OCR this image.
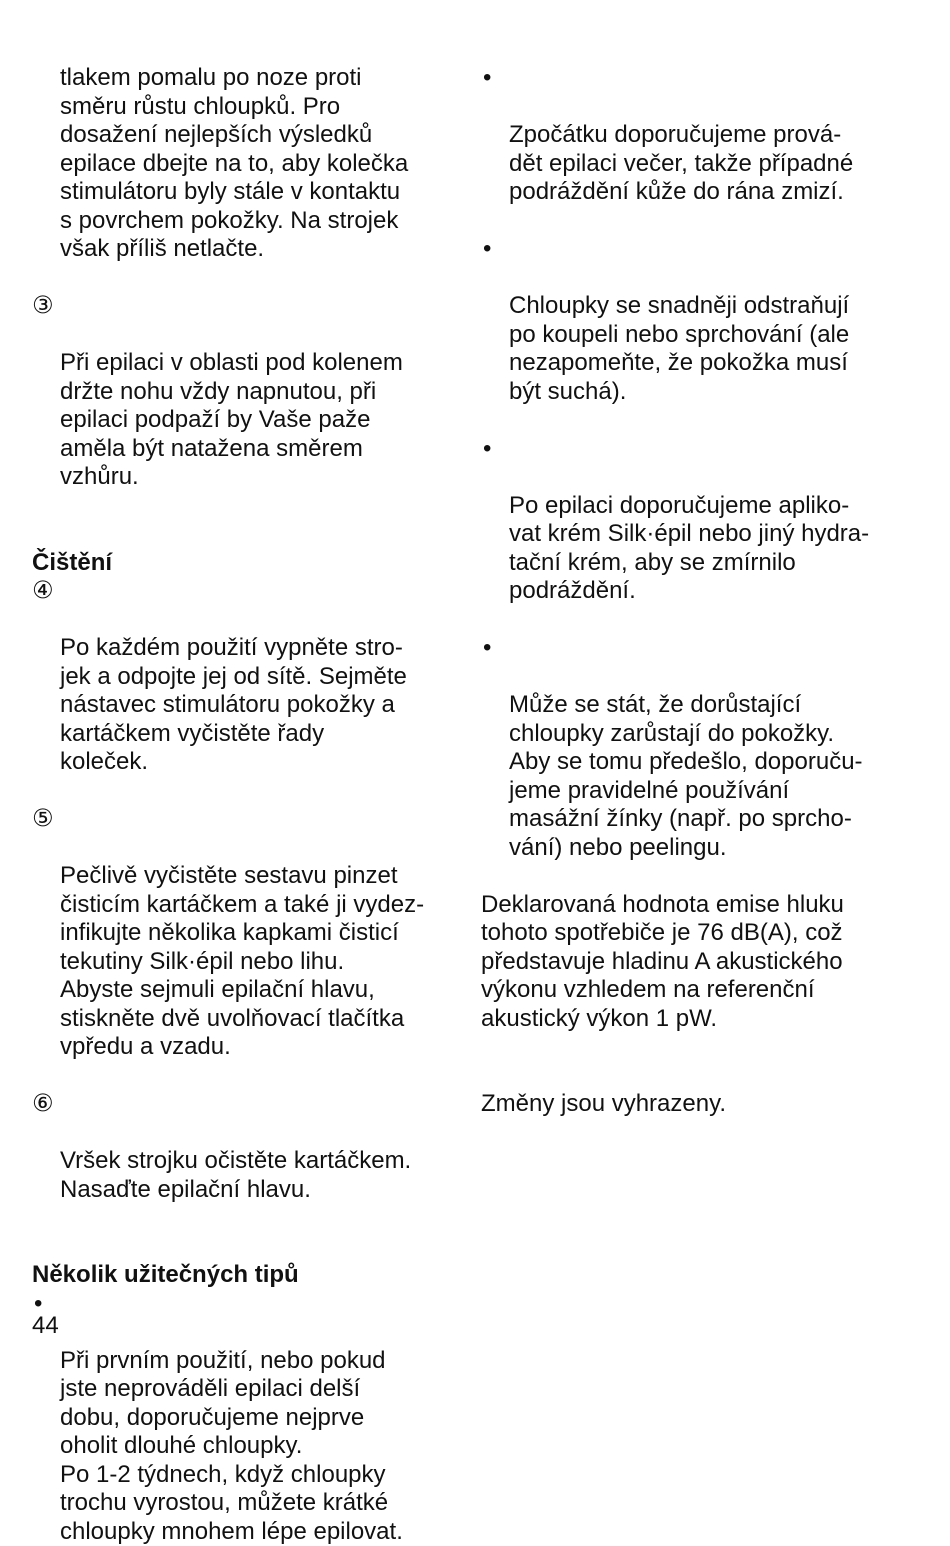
tlakem pomalu po noze proti
směru růstu chloupků. Pro
dosažení nejlepších výsledků
epilace dbejte na to, aby kolečka
stimulátoru byly stále v kontaktu
s povrchem pokožky. Na strojek
však příliš netlačte.

③

Při epilaci v oblasti pod kolenem
držte nohu vždy napnutou, při
epilaci podpaží by Vaše paže
aměla být natažena směrem
vzhůru.

Čištění

④

Po každém použití vypněte stro-
jek a odpojte jej od sítě. Sejměte
nástavec stimulátoru pokožky a
kartáčkem vyčistěte řady
koleček.

⑤

Pečlivě vyčistěte sestavu pinzet
čisticím kartáčkem a také ji vydez-
infikujte několika kapkami čisticí
tekutiny Silk·épil nebo lihu.
Abyste sejmuli epilační hlavu,
stiskněte dvě uvolňovací tlačítka
vpředu a vzadu.

⑥

Vršek strojku očistěte kartáčkem.
Nasaďte epilační hlavu.

Několik užitečných tipů

•

Při prvním použití, nebo pokud
jste neprováděli epilaci delší
dobu, doporučujeme nejprve
oholit dlouhé chloupky.
Po 1-2 týdnech, když chloupky
trochu vyrostou, můžete krátké
chloupky mnohem lépe epilovat.

•

Zpočátku doporučujeme prová-
dět epilaci večer, takže případné
podráždění kůže do rána zmizí.

•

Chloupky se snadněji odstraňují
po koupeli nebo sprchování (ale
nezapomeňte, že pokožka musí
být suchá).

•

Po epilaci doporučujeme apliko-
vat krém Silk·épil nebo jiný hydra-
tační krém, aby se zmírnilo
podráždění.

•

Může se stát, že dorůstající
chloupky zarůstají do pokožky.
Aby se tomu předešlo, doporuču-
jeme pravidelné používání
masážní žínky (např. po sprcho-
vání) nebo peelingu.

Deklarovaná hodnota emise hluku
tohoto spotřebiče je 76 dB(A), což
představuje hladinu A akustického
výkonu vzhledem na referenční
akustický výkon 1 pW.

Změny jsou vyhrazeny.

44
